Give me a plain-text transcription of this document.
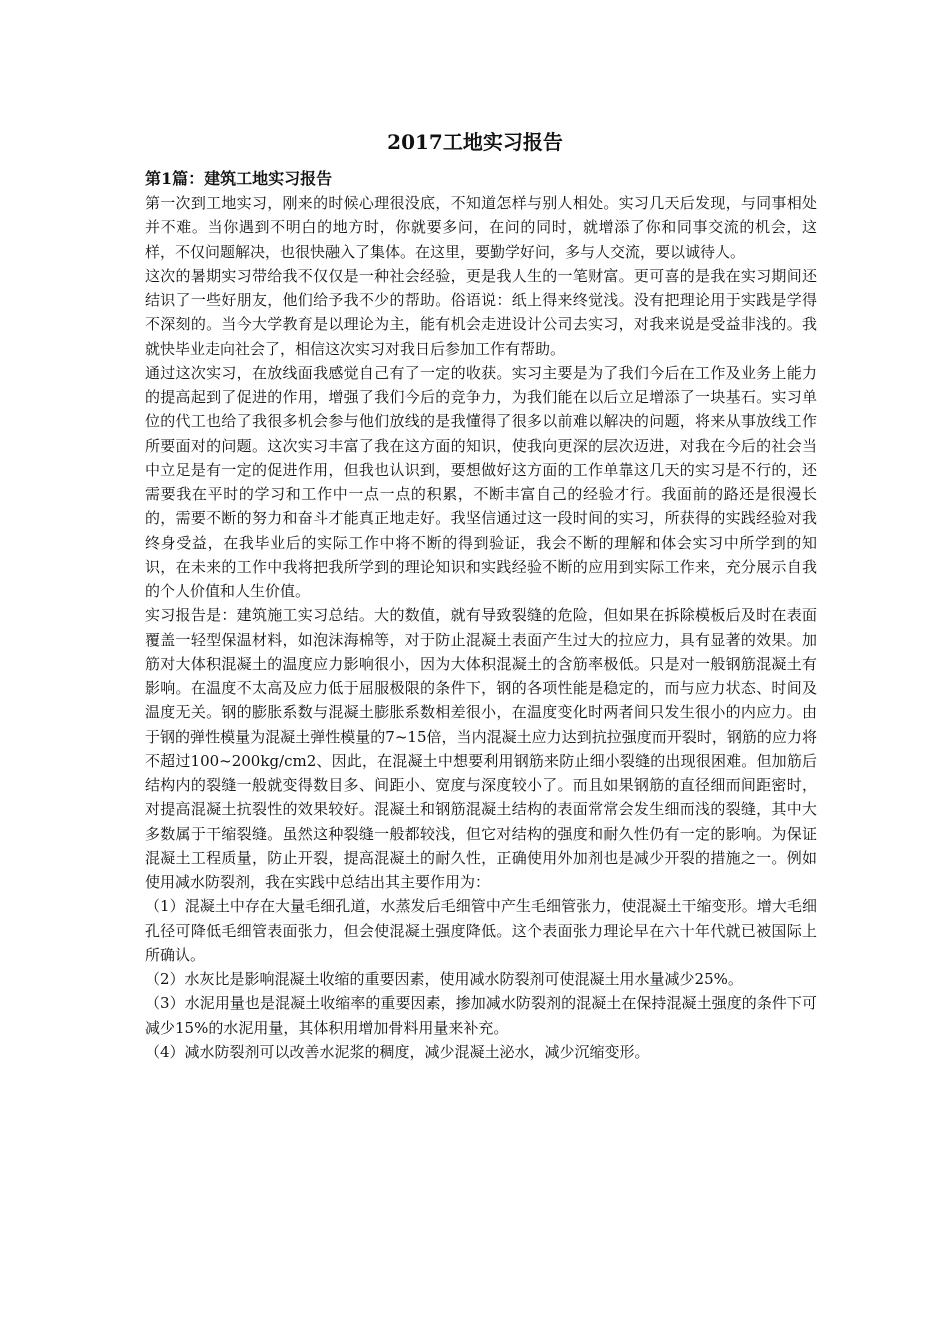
2017工地实习报告
第1篇：建筑工地实习报告

第一次到工地实习，刚来的时候心理很没底，不知道怎样与别人相处。实习几天后发现，与同事相处并不难。当你遇到不明白的地方时，你就要多问，在问的同时，就增添了你和同事交流的机会，这样，不仅问题解决，也很快融入了集体。在这里，要勤学好问，多与人交流，要以诚待人。

这次的暑期实习带给我不仅仅是一种社会经验，更是我人生的一笔财富。更可喜的是我在实习期间还结识了一些好朋友，他们给予我不少的帮助。俗语说：纸上得来终觉浅。没有把理论用于实践是学得不深刻的。当今大学教育是以理论为主，能有机会走进设计公司去实习，对我来说是受益非浅的。我就快毕业走向社会了，相信这次实习对我日后参加工作有帮助。

通过这次实习，在放线面我感觉自己有了一定的收获。实习主要是为了我们今后在工作及业务上能力的提高起到了促进的作用，增强了我们今后的竞争力，为我们能在以后立足增添了一块基石。实习单位的代工也给了我很多机会参与他们放线的是我懂得了很多以前难以解决的问题，将来从事放线工作所要面对的问题。这次实习丰富了我在这方面的知识，使我向更深的层次迈进，对我在今后的社会当中立足是有一定的促进作用，但我也认识到，要想做好这方面的工作单靠这几天的实习是不行的，还需要我在平时的学习和工作中一点一点的积累，不断丰富自己的经验才行。我面前的路还是很漫长的，需要不断的努力和奋斗才能真正地走好。我坚信通过这一段时间的实习，所获得的实践经验对我终身受益，在我毕业后的实际工作中将不断的得到验证，我会不断的理解和体会实习中所学到的知识，在未来的工作中我将把我所学到的理论知识和实践经验不断的应用到实际工作来，充分展示自我的个人价值和人生价值。

实习报告是：建筑施工实习总结。大的数值，就有导致裂缝的危险，但如果在拆除模板后及时在表面覆盖一轻型保温材料，如泡沫海棉等，对于防止混凝土表面产生过大的拉应力，具有显著的效果。加筋对大体积混凝土的温度应力影响很小，因为大体积混凝土的含筋率极低。只是对一般钢筋混凝土有影响。在温度不太高及应力低于屈服极限的条件下，钢的各项性能是稳定的，而与应力状态、时间及温度无关。钢的膨胀系数与混凝土膨胀系数相差很小，在温度变化时两者间只发生很小的内应力。由于钢的弹性模量为混凝土弹性模量的7~15倍，当内混凝土应力达到抗拉强度而开裂时，钢筋的应力将不超过100~200kg/cm2、因此，在混凝土中想要利用钢筋来防止细小裂缝的出现很困难。但加筋后结构内的裂缝一般就变得数目多、间距小、宽度与深度较小了。而且如果钢筋的直径细而间距密时，对提高混凝土抗裂性的效果较好。混凝土和钢筋混凝土结构的表面常常会发生细而浅的裂缝，其中大多数属于干缩裂缝。虽然这种裂缝一般都较浅，但它对结构的强度和耐久性仍有一定的影响。为保证混凝土工程质量，防止开裂，提高混凝土的耐久性，正确使用外加剂也是减少开裂的措施之一。例如使用减水防裂剂，我在实践中总结出其主要作用为：

（1）混凝土中存在大量毛细孔道，水蒸发后毛细管中产生毛细管张力，使混凝土干缩变形。增大毛细孔径可降低毛细管表面张力，但会使混凝土强度降低。这个表面张力理论早在六十年代就已被国际上所确认。

（2）水灰比是影响混凝土收缩的重要因素，使用减水防裂剂可使混凝土用水量减少25%。

（3）水泥用量也是混凝土收缩率的重要因素，掺加减水防裂剂的混凝土在保持混凝土强度的条件下可减少15%的水泥用量，其体积用增加骨料用量来补充。

（4）减水防裂剂可以改善水泥浆的稠度，减少混凝土泌水，减少沉缩变形。
